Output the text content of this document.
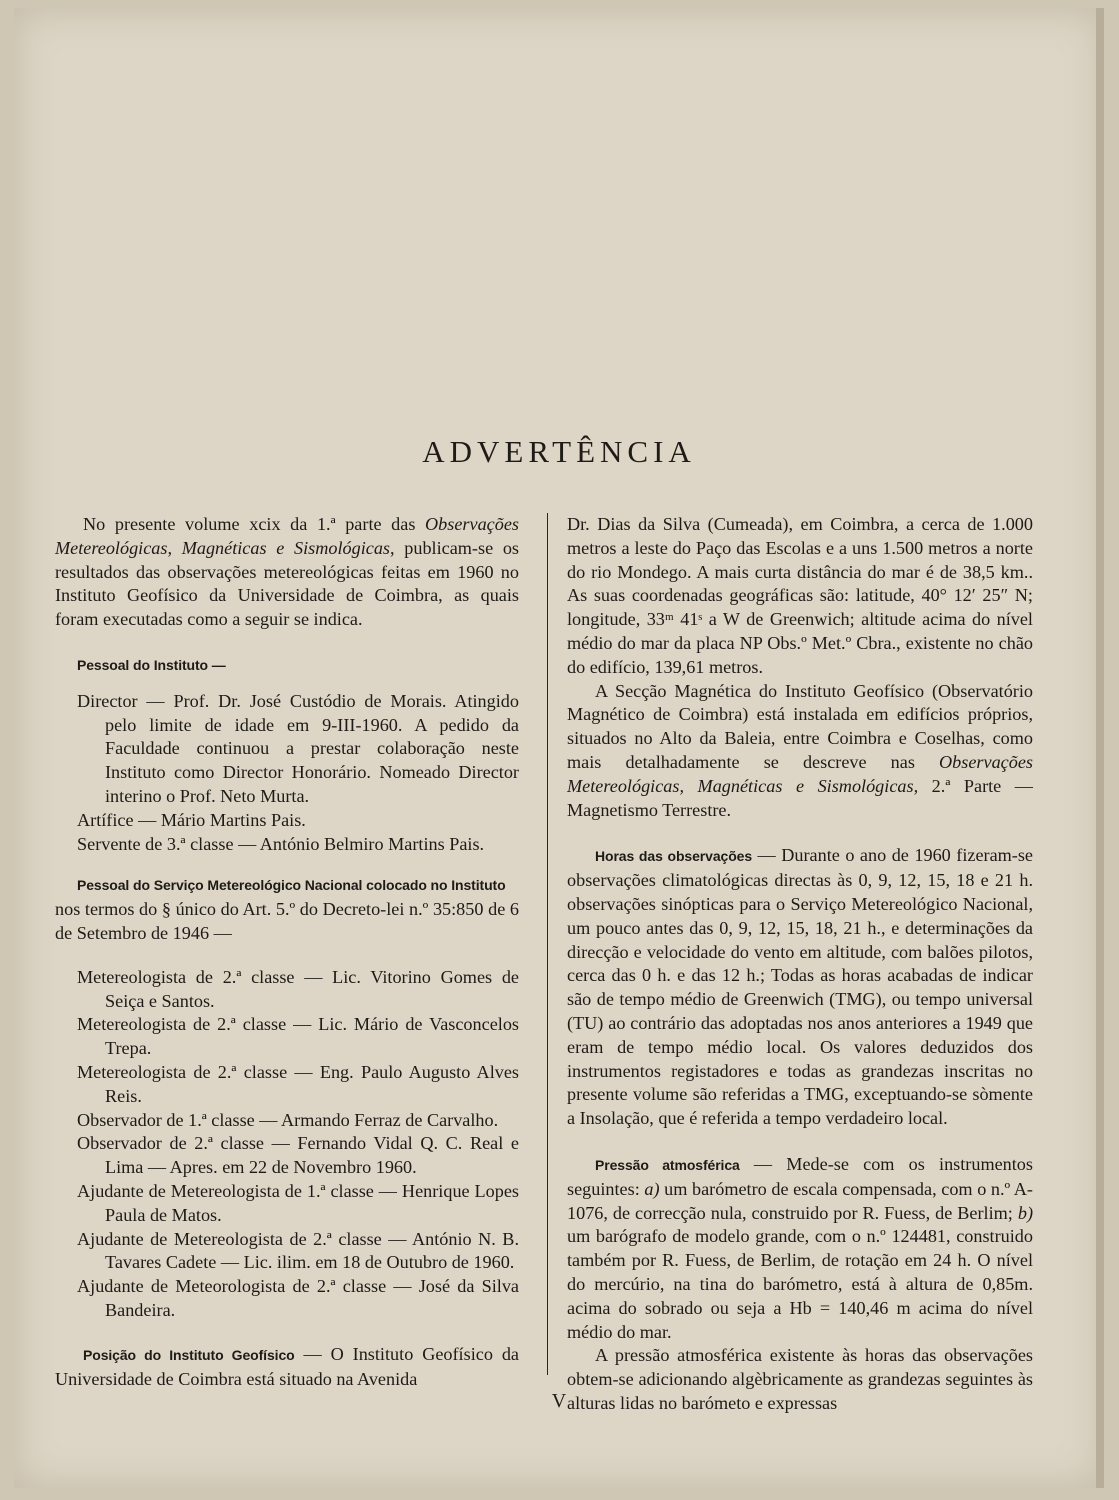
ADVERTÊNCIA

No presente volume xcix da 1.ª parte das Observações Metereológicas, Magnéticas e Sismológicas, publicam-se os resultados das observações metereológicas feitas em 1960 no Instituto Geofísico da Universidade de Coimbra, as quais foram executadas como a seguir se indica.

Pessoal do Instituto —

Director — Prof. Dr. José Custódio de Morais. Atingido pelo limite de idade em 9-III-1960. A pedido da Faculdade continuou a prestar colaboração neste Instituto como Director Honorário. Nomeado Director interino o Prof. Neto Murta.

Artífice — Mário Martins Pais.

Servente de 3.ª classe — António Belmiro Martins Pais.

Pessoal do Serviço Metereológico Nacional colocado no Instituto

nos termos do § único do Art. 5.º do Decreto-lei n.º 35:850 de 6 de Setembro de 1946 —

Metereologista de 2.ª classe — Lic. Vitorino Gomes de Seiça e Santos.

Metereologista de 2.ª classe — Lic. Mário de Vasconcelos Trepa.

Metereologista de 2.ª classe — Eng. Paulo Augusto Alves Reis.

Observador de 1.ª classe — Armando Ferraz de Carvalho.

Observador de 2.ª classe — Fernando Vidal Q. C. Real e Lima — Apres. em 22 de Novembro 1960.

Ajudante de Metereologista de 1.ª classe — Henrique Lopes Paula de Matos.

Ajudante de Metereologista de 2.ª classe — António N. B. Tavares Cadete — Lic. ilim. em 18 de Outubro de 1960.

Ajudante de Meteorologista de 2.ª classe — José da Silva Bandeira.

Posição do Instituto Geofísico — O Instituto Geofísico da Universidade de Coimbra está situado na Avenida

Dr. Dias da Silva (Cumeada), em Coimbra, a cerca de 1.000 metros a leste do Paço das Escolas e a uns 1.500 metros a norte do rio Mondego. A mais curta distância do mar é de 38,5 km.. As suas coordenadas geográficas são: latitude, 40° 12′ 25″ N; longitude, 33ᵐ 41ˢ a W de Greenwich; altitude acima do nível médio do mar da placa NP Obs.º Met.º Cbra., existente no chão do edifício, 139,61 metros.

A Secção Magnética do Instituto Geofísico (Observatório Magnético de Coimbra) está instalada em edifícios próprios, situados no Alto da Baleia, entre Coimbra e Coselhas, como mais detalhadamente se descreve nas Observações Metereológicas, Magnéticas e Sismológicas, 2.ª Parte — Magnetismo Terrestre.

Horas das observações — Durante o ano de 1960 fizeram-se observações climatológicas directas às 0, 9, 12, 15, 18 e 21 h. observações sinópticas para o Serviço Metereológico Nacional, um pouco antes das 0, 9, 12, 15, 18, 21 h., e determinações da direcção e velocidade do vento em altitude, com balões pilotos, cerca das 0 h. e das 12 h.; Todas as horas acabadas de indicar são de tempo médio de Greenwich (TMG), ou tempo universal (TU) ao contrário das adoptadas nos anos anteriores a 1949 que eram de tempo médio local. Os valores deduzidos dos instrumentos registadores e todas as grandezas inscritas no presente volume são referidas a TMG, exceptuando-se sòmente a Insolação, que é referida a tempo verdadeiro local.

Pressão atmosférica — Mede-se com os instrumentos seguintes: a) um barómetro de escala compensada, com o n.º A-1076, de correcção nula, construido por R. Fuess, de Berlim; b) um barógrafo de modelo grande, com o n.º 124481, construido também por R. Fuess, de Berlim, de rotação em 24 h. O nível do mercúrio, na tina do barómetro, está à altura de 0,85m. acima do sobrado ou seja a Hb = 140,46 m acima do nível médio do mar.

A pressão atmosférica existente às horas das observações obtem-se adicionando algèbricamente as grandezas seguintes às alturas lidas no barómeto e expressas

V
